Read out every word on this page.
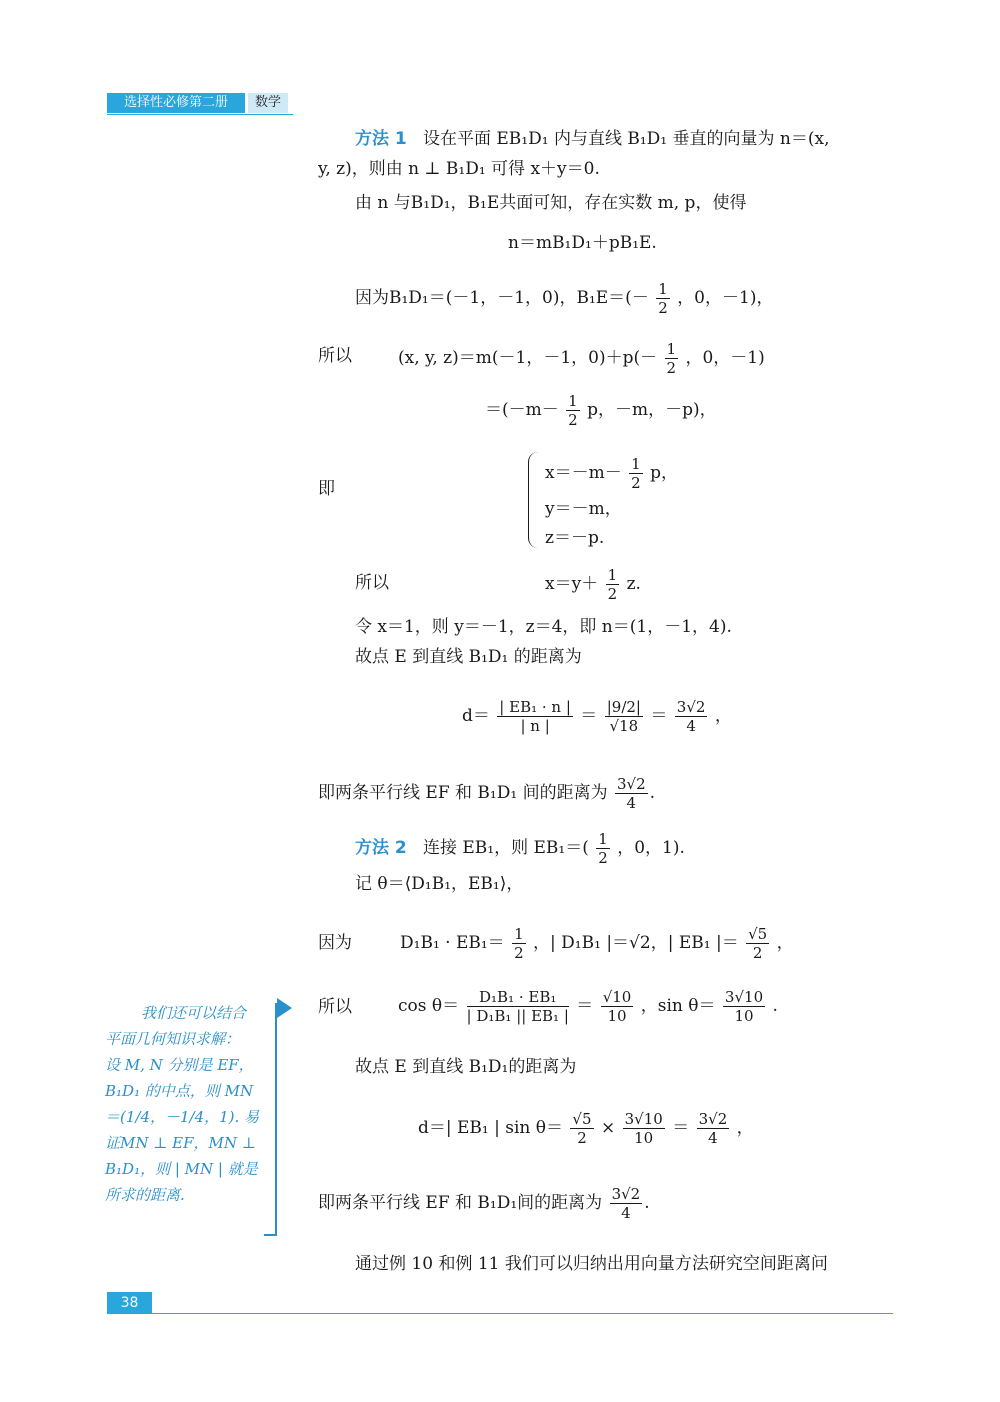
选择性必修第二册	数学
方法 1 设在平面 EB₁D₁ 内与直线 B₁D₁ 垂直的向量为 n＝(x,
y, z)，则由 n ⊥ B₁D₁ 可得 x＋y＝0.
由 n 与B₁D₁，B₁E共面可知，存在实数 m, p，使得
n＝mB₁D₁＋pB₁E.
因为B₁D₁＝(－1，－1，0)，$B_1E=(- \frac{1}{2}$ ，0，－1)，
所以	(x, y, z)＝m(－1，－1，$0)+p(- \frac{1}{2}$ ，0，－1)
$=(-m- \frac{1}{2}$ p，－m，－p)，
即
$x=-m- \frac{1}{2}$ p，
y＝－m，
z＝－p.
所以	$x=y+ \frac{1}{2} z$.
令 x＝1，则 y＝－1，z＝4，即 n＝(1，－1，4).
故点 E 到直线 B₁D₁ 的距离为
$d= \frac{\text{| EB₁ · n |}}{| n |} = \frac{|9/2|}{√18} = \frac{3√2}{4}$ ，
即两条平行线 EF 和 B₁D₁ 间的距离为 $\frac{3√2}{4}$ .
方法 2 连接 EB₁，则 $EB_1=( \frac{1}{2}$ ，0，1).
记 θ＝⟨D₁B₁，EB₁⟩，
因为	$D_1B_1 \cdot EB_1= \frac{1}{2}$ ，| D₁B₁ |＝√2，| EB₁ |＝ $\frac{√5}{2}$ ，
所以	$\cos \theta= \frac{\text{D₁B₁ · EB₁}}{\text{| D₁B₁ || EB₁ |}} = \frac{√10}{10}$ ，$\sin \theta= \frac{3√10}{10}$ .
故点 E 到直线 B₁D₁的距离为
d＝| EB₁ | $\sin \theta= \frac{√5}{2} \times \frac{3√10}{10} = \frac{3√2}{4}$ ，
即两条平行线 EF 和 B₁D₁间的距离为 $\frac{3√2}{4}$ .
通过例 10 和例 11 我们可以归纳出用向量方法研究空间距离问
我们还可以结合
平面几何知识求解：
设 M, N 分别是 EF，
B₁D₁ 的中点，则 MN
＝(1/4，－1/4，1). 易
证MN ⊥ EF，MN ⊥
B₁D₁，则 | MN | 就是
所求的距离.
38
